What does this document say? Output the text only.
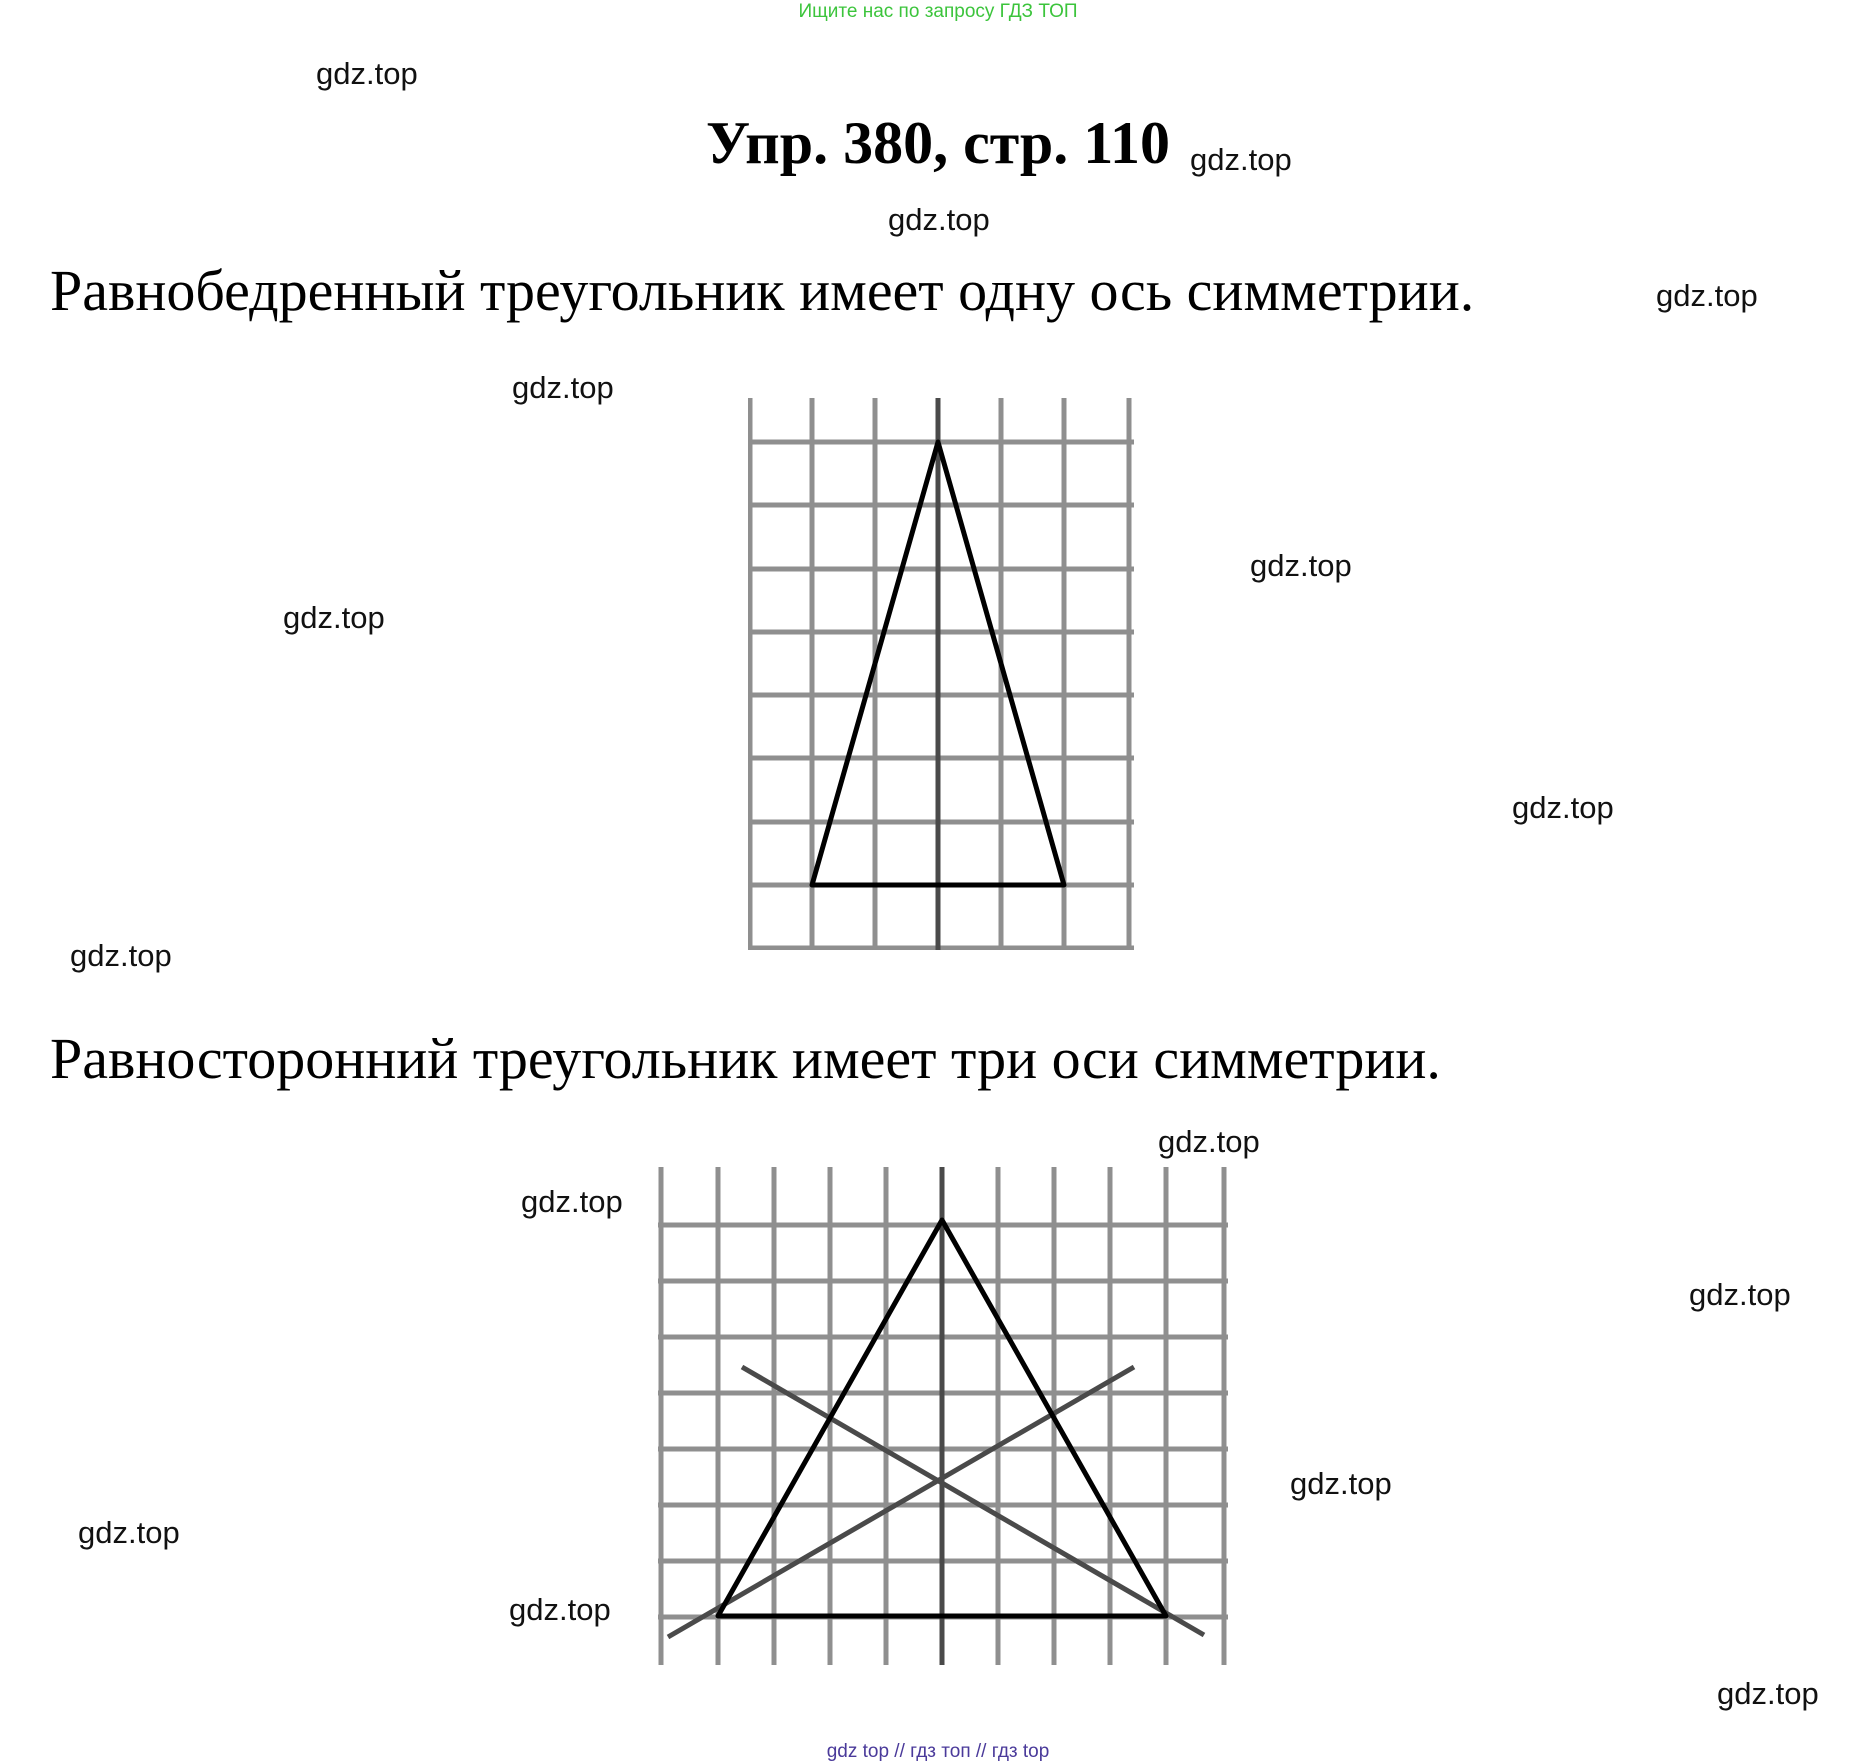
Ищите нас по запросу ГДЗ ТОП
Упр. 380, стр. 110
Равнобедренный треугольник имеет одну ось симметрии.
Равносторонний треугольник имеет три оси симметрии.
gdz.top
gdz.top
gdz.top
gdz.top
gdz.top
gdz.top
gdz.top
gdz.top
gdz.top
gdz.top
gdz.top
gdz.top
gdz.top
gdz.top
gdz.top
gdz.top
gdz top // гдз топ // гдз top
